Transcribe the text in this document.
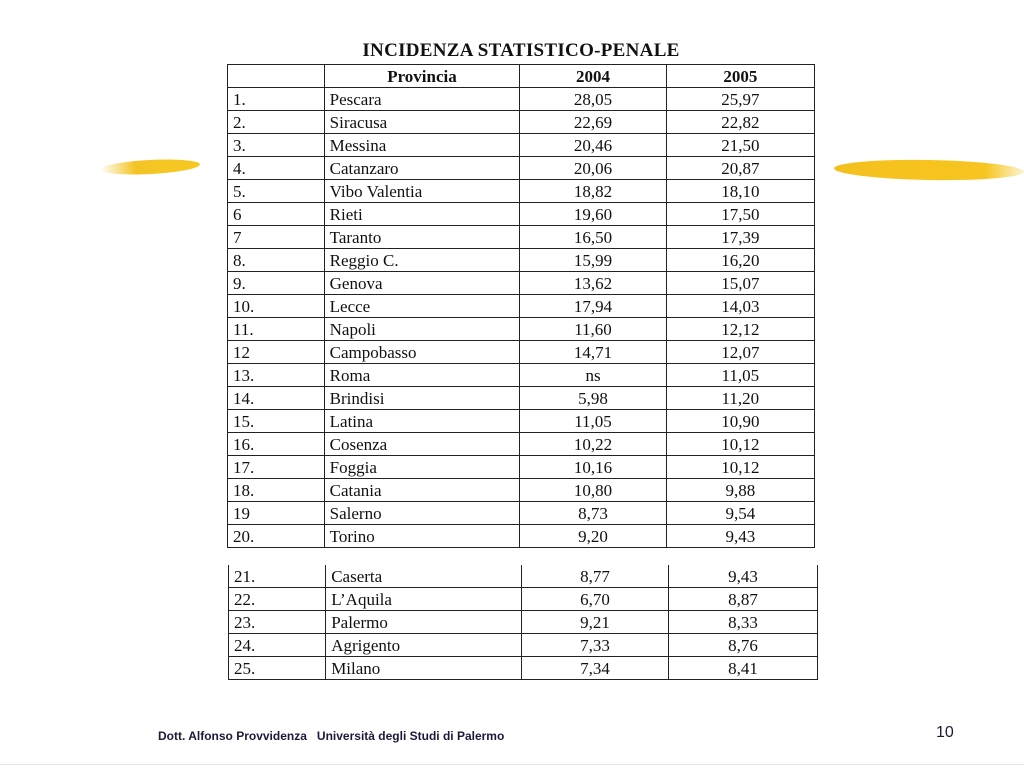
INCIDENZA STATISTICO-PENALE
	Provincia	2004	2005
1.	Pescara	28,05	25,97
2.	Siracusa	22,69	22,82
3.	Messina	20,46	21,50
4.	Catanzaro	20,06	20,87
5.	Vibo Valentia	18,82	18,10
6	Rieti	19,60	17,50
7	Taranto	16,50	17,39
8.	Reggio C.	15,99	16,20
9.	Genova	13,62	15,07
10.	Lecce	17,94	14,03
11.	Napoli	11,60	12,12
12	Campobasso	14,71	12,07
13.	Roma	ns	11,05
14.	Brindisi	5,98	11,20
15.	Latina	11,05	10,90
16.	Cosenza	10,22	10,12
17.	Foggia	10,16	10,12
18.	Catania	10,80	9,88
19	Salerno	8,73	9,54
20.	Torino	9,20	9,43
21.	Caserta	8,77	9,43
22.	L’Aquila	6,70	8,87
23.	Palermo	9,21	8,33
24.	Agrigento	7,33	8,76
25.	Milano	7,34	8,41
Dott. Alfonso Provvidenza Università degli Studi di Palermo	10
